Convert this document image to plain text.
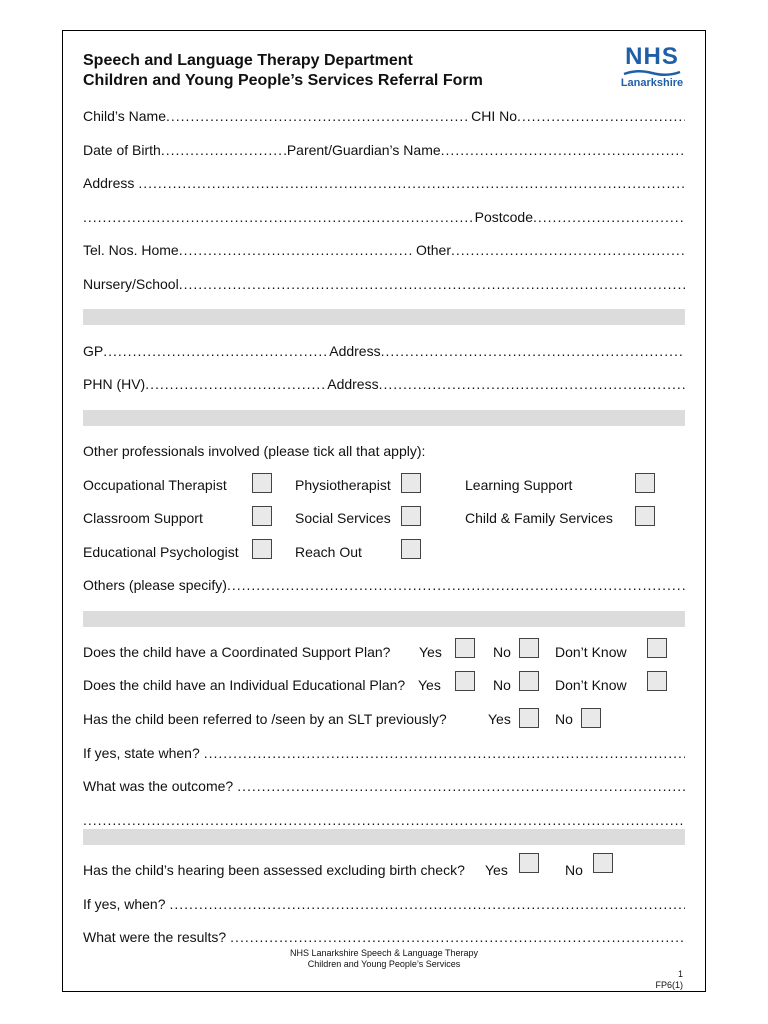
Speech and Language Therapy Department
Children and Young People’s Services Referral Form
NHS
Lanarkshire
Child’s Name .....	CHI No
.....
Date of Birth .....	Parent/Guardian’s Name
.....
Address
.....
.....
Postcode
.....
Tel. Nos. Home .....	Other
.....
Nursery/School
.....
GP .....	Address
.....
PHN (HV) .....	Address
.....
Other professionals involved (please tick all that apply):
Occupational Therapist	Physiotherapist	Learning Support
Classroom Support	Social Services	Child & Family Services
Educational Psychologist	Reach Out
Others (please specify)
.....
Does the child have a Coordinated Support Plan? Yes	No	Don’t Know
Does the child have an Individual Educational Plan? Yes	No	Don’t Know
Has the child been referred to /seen by an SLT previously?	Yes	No
If yes, state when?
.....
What was the outcome?
.....
.....
Has the child’s hearing been assessed excluding birth check? Yes	No
If yes, when?
.....
What were the results?
.....
NHS Lanarkshire Speech & Language Therapy
Children and Young People’s Services
1
FP6(1)
